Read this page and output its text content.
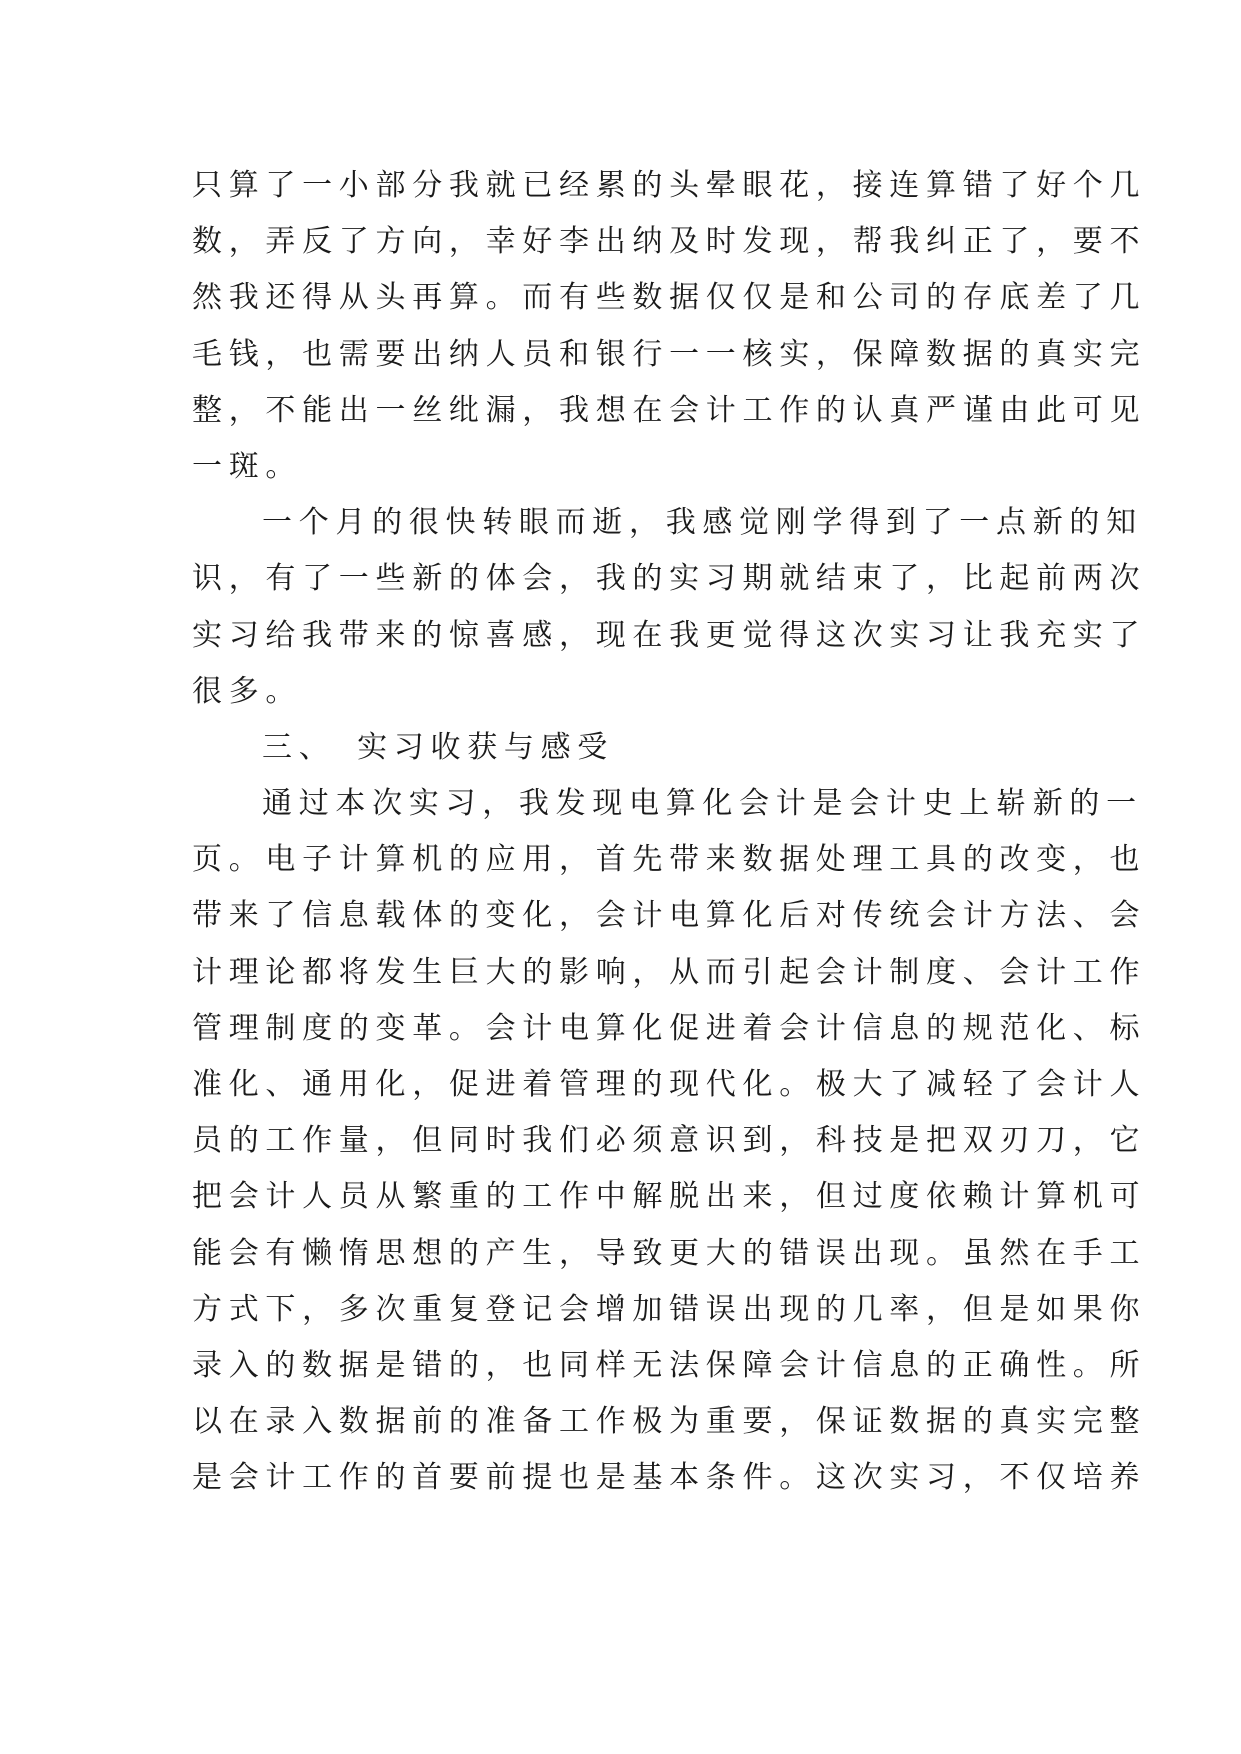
只算了一小部分我就已经累的头晕眼花，接连算错了好个几
数，弄反了方向，幸好李出纳及时发现，帮我纠正了，要不
然我还得从头再算。而有些数据仅仅是和公司的存底差了几
毛钱，也需要出纳人员和银行一一核实，保障数据的真实完
整，不能出一丝纰漏，我想在会计工作的认真严谨由此可见
一斑。
一个月的很快转眼而逝，我感觉刚学得到了一点新的知
识，有了一些新的体会，我的实习期就结束了，比起前两次
实习给我带来的惊喜感，现在我更觉得这次实习让我充实了
很多。
三、　实习收获与感受
通过本次实习，我发现电算化会计是会计史上崭新的一
页。电子计算机的应用，首先带来数据处理工具的改变，也
带来了信息载体的变化，会计电算化后对传统会计方法、会
计理论都将发生巨大的影响，从而引起会计制度、会计工作
管理制度的变革。会计电算化促进着会计信息的规范化、标
准化、通用化，促进着管理的现代化。极大了减轻了会计人
员的工作量，但同时我们必须意识到，科技是把双刃刀，它
把会计人员从繁重的工作中解脱出来，但过度依赖计算机可
能会有懒惰思想的产生，导致更大的错误出现。虽然在手工
方式下，多次重复登记会增加错误出现的几率，但是如果你
录入的数据是错的，也同样无法保障会计信息的正确性。所
以在录入数据前的准备工作极为重要，保证数据的真实完整
是会计工作的首要前提也是基本条件。这次实习，不仅培养
